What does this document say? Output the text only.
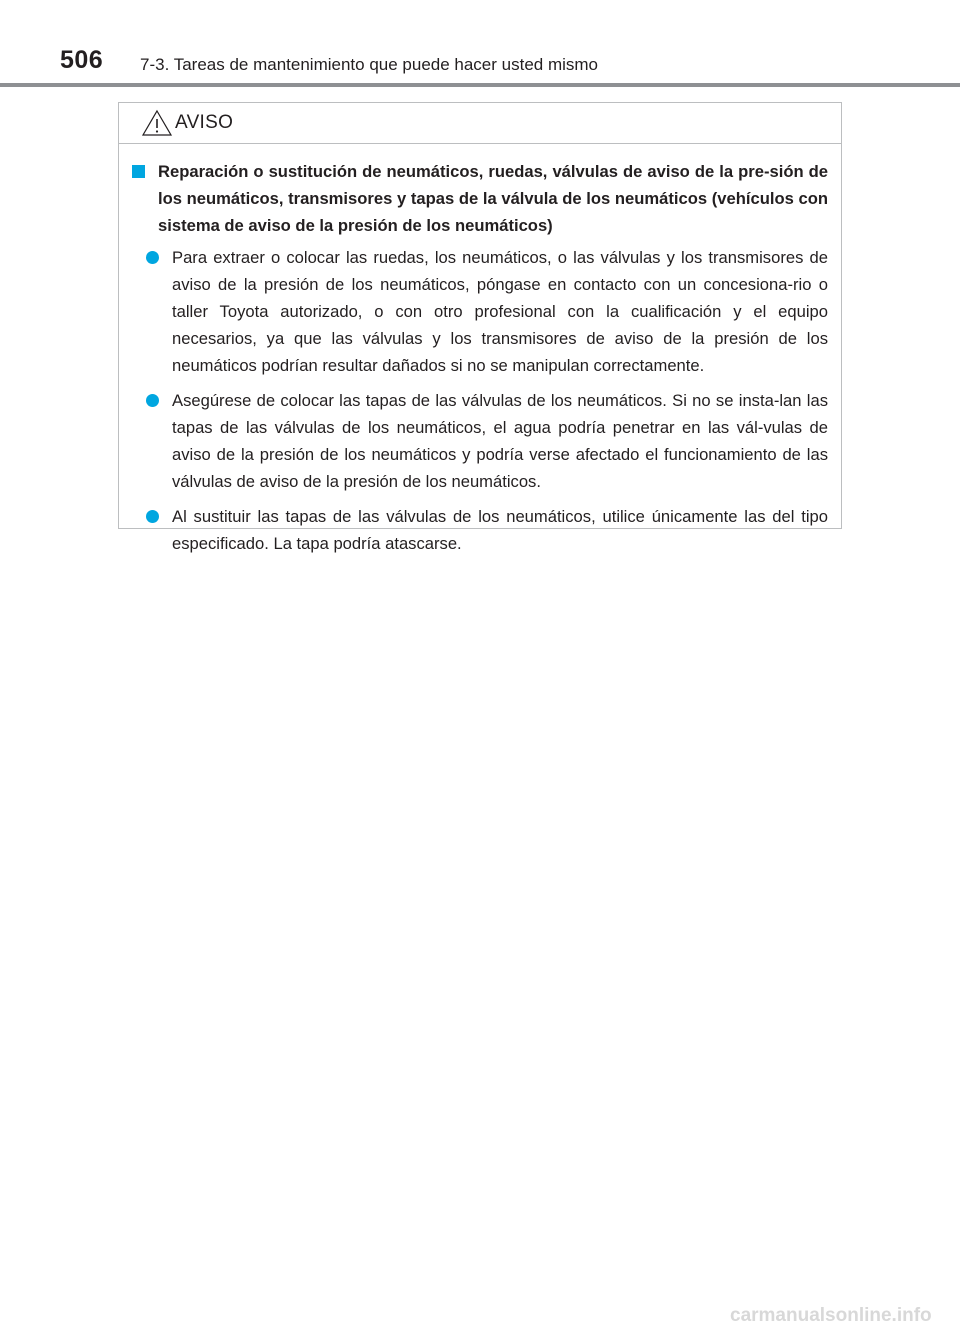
506 7-3. Tareas de mantenimiento que puede hacer usted mismo
AVISO

Reparación o sustitución de neumáticos, ruedas, válvulas de aviso de la pre-sión de los neumáticos, transmisores y tapas de la válvula de los neumáticos (vehículos con sistema de aviso de la presión de los neumáticos)

Para extraer o colocar las ruedas, los neumáticos, o las válvulas y los transmisores de aviso de la presión de los neumáticos, póngase en contacto con un concesiona-rio o taller Toyota autorizado, o con otro profesional con la cualificación y el equipo necesarios, ya que las válvulas y los transmisores de aviso de la presión de los neumáticos podrían resultar dañados si no se manipulan correctamente.
Asegúrese de colocar las tapas de las válvulas de los neumáticos. Si no se insta-lan las tapas de las válvulas de los neumáticos, el agua podría penetrar en las vál-vulas de aviso de la presión de los neumáticos y podría verse afectado el funcionamiento de las válvulas de aviso de la presión de los neumáticos.
Al sustituir las tapas de las válvulas de los neumáticos, utilice únicamente las del tipo especificado. La tapa podría atascarse.
carmanualsonline.info
